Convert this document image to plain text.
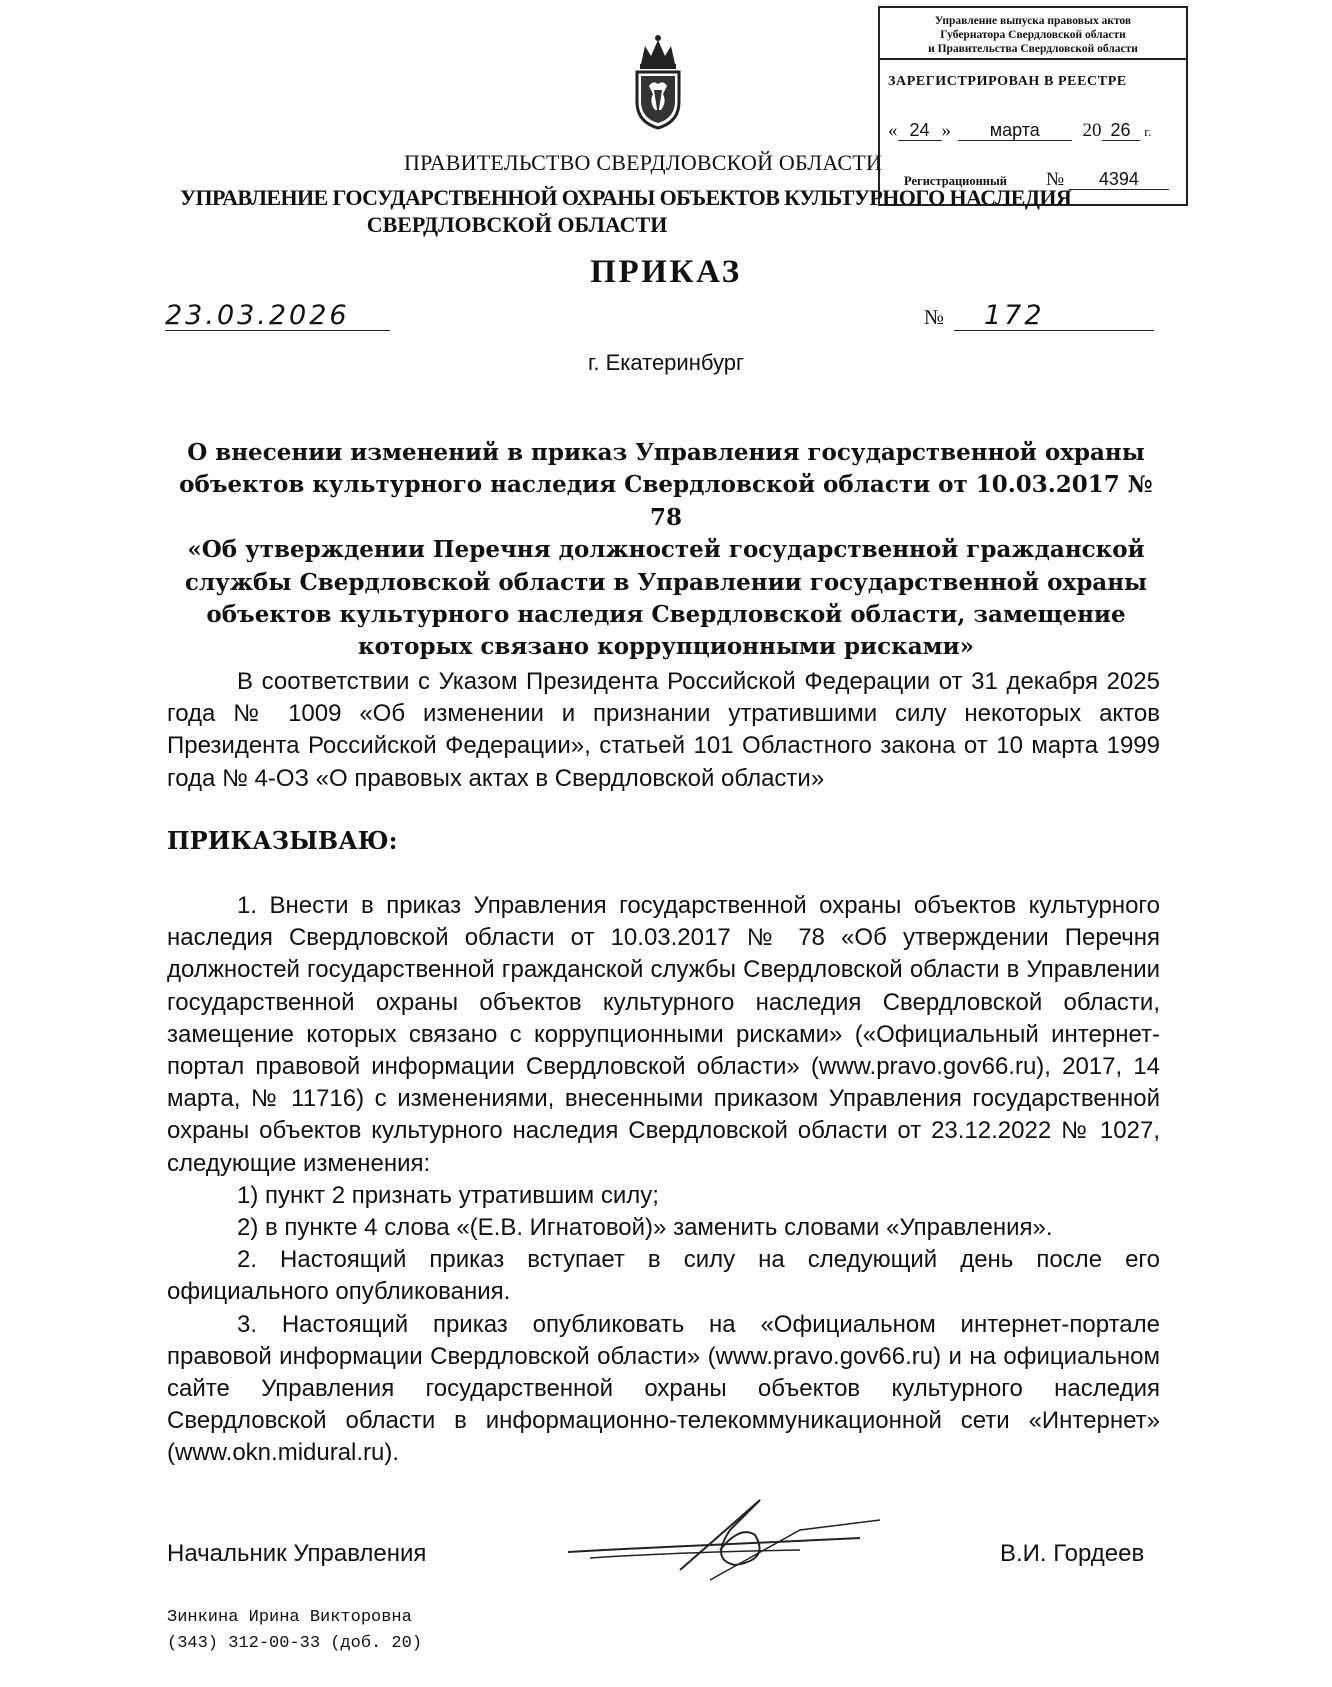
Управление выпуска правовых актов
Губернатора Свердловской области
и Правительства Свердловской области
ЗАРЕГИСТРИРОВАН В РЕЕСТРЕ
« 24 » марта 20 26 г.
Регистрационный № 4394
ПРАВИТЕЛЬСТВО СВЕРДЛОВСКОЙ ОБЛАСТИ
УПРАВЛЕНИЕ ГОСУДАРСТВЕННОЙ ОХРАНЫ ОБЪЕКТОВ КУЛЬТУРНОГО НАСЛЕДИЯ
СВЕРДЛОВСКОЙ ОБЛАСТИ
ПРИКАЗ
23.03.2026	№	172
г. Екатеринбург
О внесении изменений в приказ Управления государственной охраны
объектов культурного наследия Свердловской области от 10.03.2017 № 78
«Об утверждении Перечня должностей государственной гражданской
службы Свердловской области в Управлении государственной охраны
объектов культурного наследия Свердловской области, замещение
которых связано коррупционными рисками»

В соответствии с Указом Президента Российской Федерации от 31 декабря 2025 года № 1009 «Об изменении и признании утратившими силу некоторых актов Президента Российской Федерации», статьей 101 Областного закона от 10 марта 1999 года № 4-ОЗ «О правовых актах в Свердловской области»

ПРИКАЗЫВАЮ:

1. Внести в приказ Управления государственной охраны объектов культурного наследия Свердловской области от 10.03.2017 № 78 «Об утверждении Перечня должностей государственной гражданской службы Свердловской области в Управлении государственной охраны объектов культурного наследия Свердловской области, замещение которых связано с коррупционными рисками» («Официальный интернет-портал правовой информации Свердловской области» (www.pravo.gov66.ru), 2017, 14 марта, № 11716) с изменениями, внесенными приказом Управления государственной охраны объектов культурного наследия Свердловской области от 23.12.2022 № 1027, следующие изменения:

1) пункт 2 признать утратившим силу;

2) в пункте 4 слова «(Е.В. Игнатовой)» заменить словами «Управления».

2. Настоящий приказ вступает в силу на следующий день после его официального опубликования.

3. Настоящий приказ опубликовать на «Официальном интернет-портале правовой информации Свердловской области» (www.pravo.gov66.ru) и на официальном сайте Управления государственной охраны объектов культурного наследия Свердловской области в информационно-телекоммуникационной сети «Интернет» (www.okn.midural.ru).

Начальник Управления	В.И. Гордеев
Зинкина Ирина Викторовна
(343) 312-00-33 (доб. 20)
